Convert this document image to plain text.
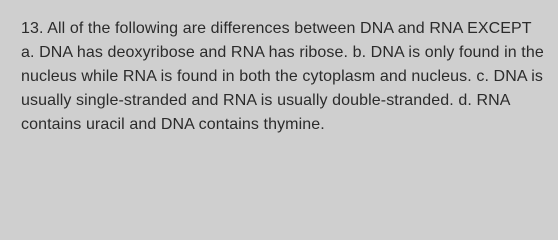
13. All of the following are differences between DNA and RNA EXCEPT a. DNA has deoxyribose and RNA has ribose. b. DNA is only found in the nucleus while RNA is found in both the cytoplasm and nucleus. c. DNA is usually single-stranded and RNA is usually double-stranded. d. RNA contains uracil and DNA contains thymine.
